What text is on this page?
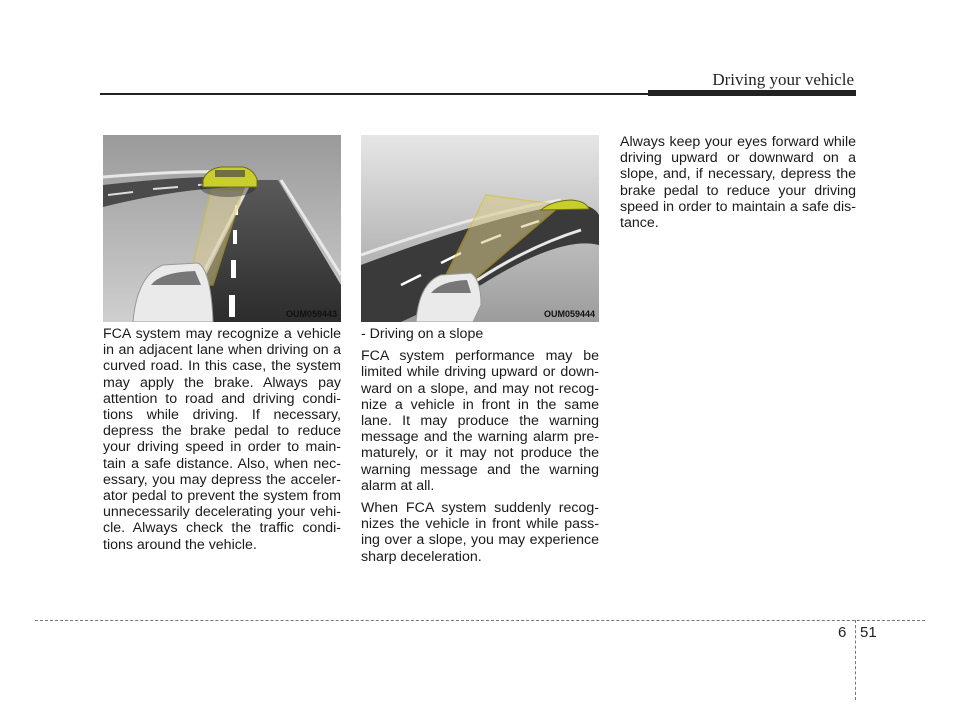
Driving your vehicle
OUM059443	OUM059444

FCA system may recognize a vehicle in an adjacent lane when driving on a curved road. In this case, the system may apply the brake. Always pay attention to road and driving condi-tions while driving. If necessary, depress the brake pedal to reduce your driving speed in order to main-tain a safe distance. Also, when nec-essary, you may depress the acceler-ator pedal to prevent the system from unnecessarily decelerating your vehi-cle. Always check the traffic condi-tions around the vehicle.

- Driving on a slope

FCA system performance may be limited while driving upward or down-ward on a slope, and may not recog-nize a vehicle in front in the same lane. It may produce the warning message and the warning alarm pre-maturely, or it may not produce the warning message and the warning alarm at all.

When FCA system suddenly recog-nizes the vehicle in front while pass-ing over a slope, you may experience sharp deceleration.

Always keep your eyes forward while driving upward or downward on a slope, and, if necessary, depress the brake pedal to reduce your driving speed in order to maintain a safe dis-tance.

6 51
